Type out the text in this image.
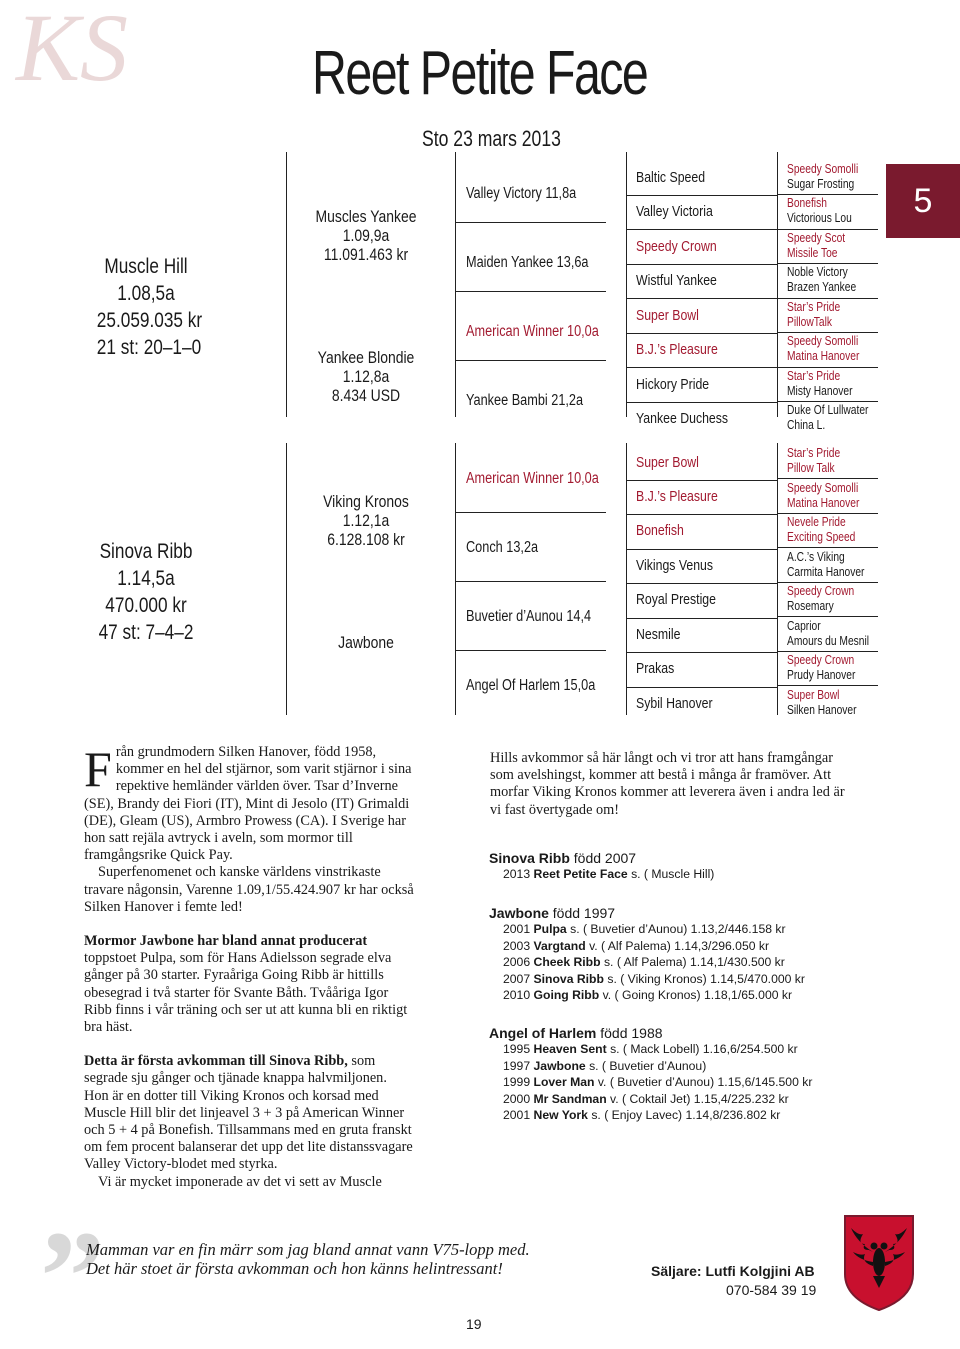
KS	Reet Petite Face
Sto 23 mars 2013
5
Muscle Hill
1.08,5a
25.059.035 kr
21 st: 20–1–0
Muscles Yankee
1.09,9a
11.091.463 kr
Yankee Blondie
1.12,8a
8.434 USD
Valley Victory 11,8a
Maiden Yankee 13,6a
American Winner 10,0a
Yankee Bambi 21,2a
Baltic Speed
Valley Victoria
Speedy Crown
Wistful Yankee
Super Bowl
B.J.’s Pleasure
Hickory Pride
Yankee Duchess
Speedy Somolli
Sugar Frosting
Bonefish
Victorious Lou
Speedy Scot
Missile Toe
Noble Victory
Brazen Yankee
Star’s Pride
PillowTalk
Speedy Somolli
Matina Hanover
Star’s Pride
Misty Hanover
Duke Of Lullwater
China L.
Sinova Ribb
1.14,5a
470.000 kr
47 st: 7–4–2
Viking Kronos
1.12,1a
6.128.108 kr
Jawbone
American Winner 10,0a
Conch 13,2a
Buvetier d’Aunou 14,4
Angel Of Harlem 15,0a
Super Bowl
B.J.’s Pleasure
Bonefish
Vikings Venus
Royal Prestige
Nesmile
Prakas
Sybil Hanover
Star’s Pride
Pillow Talk
Speedy Somolli
Matina Hanover
Nevele Pride
Exciting Speed
A.C.’s Viking
Carmita Hanover
Speedy Crown
Rosemary
Caprior
Amours du Mesnil
Speedy Crown
Prudy Hanover
Super Bowl
Silken Hanover

Från grundmodern Silken Hanover, född 1958, kommer en hel del stjärnor, som varit stjärnor i sina repektive hemländer världen över. Tsar d’Inverne (SE), Brandy dei Fiori (IT), Mint di Jesolo (IT) Grimaldi (DE), Gleam (US), Armbro Prowess (CA). I Sverige har hon satt rejäla avtryck i aveln, som mormor till framgångsrike Quick Pay.

Superfenomenet och kanske världens vinstrikaste travare någonsin, Varenne 1.09,1/55.424.907 kr har också Silken Hanover i femte led!

Mormor Jawbone har bland annat producerat toppstoet Pulpa, som för Hans Adielsson segrade elva gånger på 30 starter. Fyraåriga Going Ribb är hittills obesegrad i två starter för Svante Båth. Tvååriga Igor Ribb finns i vår träning och ser ut att kunna bli en riktigt bra häst.

Detta är första avkomman till Sinova Ribb, som segrade sju gånger och tjänade knappa halvmiljonen. Hon är en dotter till Viking Kronos och korsad med Muscle Hill blir det linjeavel 3 + 3 på American Winner och 5 + 4 på Bonefish. Tillsammans med en gruta franskt om fem procent balanserar det upp det lite distanssvagare Valley Victory-blodet med styrka.

Vi är mycket imponerade av det vi sett av Muscle

Hills avkommor så här långt och vi tror att hans framgångar som avelshingst, kommer att bestå i många år framöver. Att morfar Viking Kronos kommer att leverera även i andra led är vi fast övertygade om!
Sinova Ribb född 2007
2013 Reet Petite Face s. ( Muscle Hill)
Jawbone född 1997
2001 Pulpa s. ( Buvetier d’Aunou) 1.13,2/446.158 kr
2003 Vargtand v. ( Alf Palema) 1.14,3/296.050 kr
2006 Cheek Ribb s. ( Alf Palema) 1.14,1/430.500 kr
2007 Sinova Ribb s. ( Viking Kronos) 1.14,5/470.000 kr
2010 Going Ribb v. ( Going Kronos) 1.18,1/65.000 kr
Angel of Harlem född 1988
1995 Heaven Sent s. ( Mack Lobell) 1.16,6/254.500 kr
1997 Jawbone s. ( Buvetier d’Aunou)
1999 Lover Man v. ( Buvetier d’Aunou) 1.15,6/145.500 kr
2000 Mr Sandman v. ( Coktail Jet) 1.15,4/225.232 kr
2001 New York s. ( Enjoy Lavec) 1.14,8/236.802 kr
”
Mamman var en fin märr som jag bland annat vann V75-lopp med.
Det här stoet är första avkomman och hon känns helintressant!	Säljare: Lutfi Kolgjini AB
070-584 39 19
19
